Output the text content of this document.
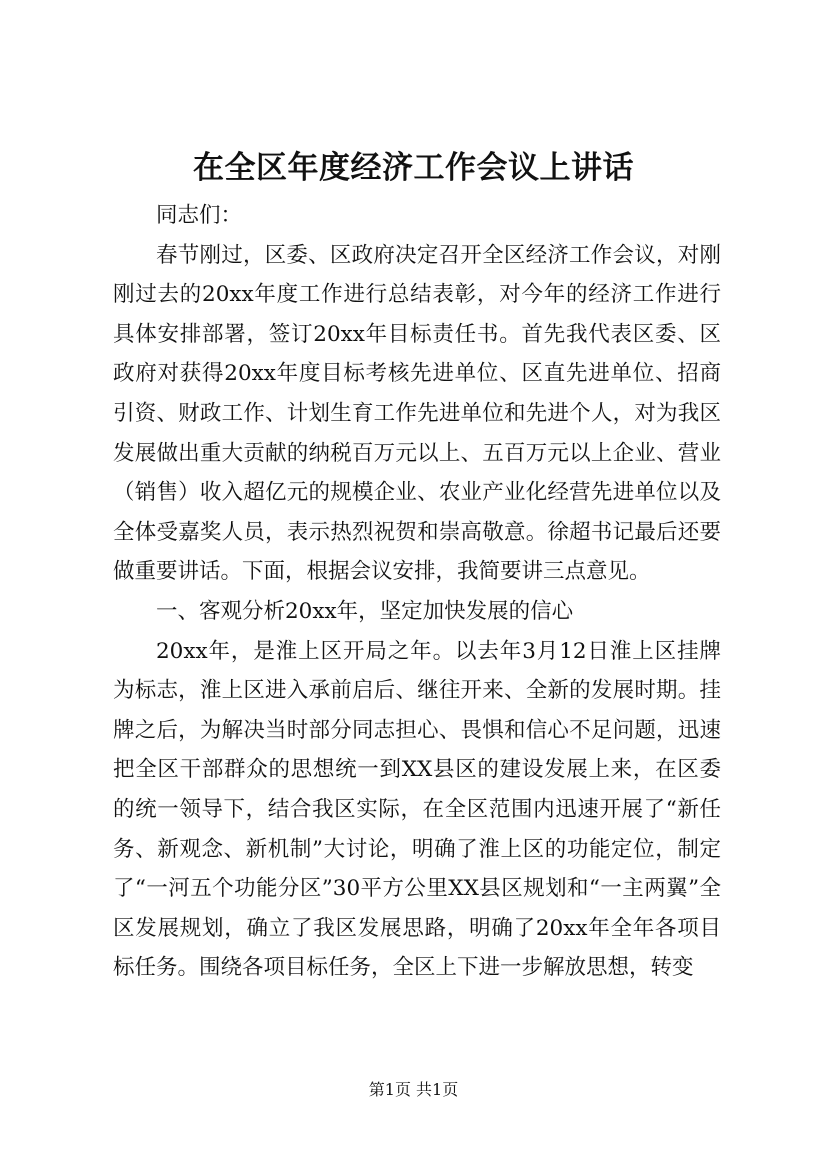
在全区年度经济工作会议上讲话

同志们：

春节刚过，区委、区政府决定召开全区经济工作会议，对刚刚过去的20xx年度工作进行总结表彰，对今年的经济工作进行具体安排部署，签订20xx年目标责任书。首先我代表区委、区政府对获得20xx年度目标考核先进单位、区直先进单位、招商引资、财政工作、计划生育工作先进单位和先进个人，对为我区发展做出重大贡献的纳税百万元以上、五百万元以上企业、营业（销售）收入超亿元的规模企业、农业产业化经营先进单位以及全体受嘉奖人员，表示热烈祝贺和崇高敬意。徐超书记最后还要做重要讲话。下面，根据会议安排，我简要讲三点意见。

一、客观分析20xx年，坚定加快发展的信心

20xx年，是淮上区开局之年。以去年3月12日淮上区挂牌为标志，淮上区进入承前启后、继往开来、全新的发展时期。挂牌之后，为解决当时部分同志担心、畏惧和信心不足问题，迅速把全区干部群众的思想统一到XX县区的建设发展上来，在区委的统一领导下，结合我区实际，在全区范围内迅速开展了“新任务、新观念、新机制”大讨论，明确了淮上区的功能定位，制定了“一河五个功能分区”30平方公里XX县区规划和“一主两翼”全区发展规划，确立了我区发展思路，明确了20xx年全年各项目标任务。围绕各项目标任务，全区上下进一步解放思想，转变

第1页 共1页
